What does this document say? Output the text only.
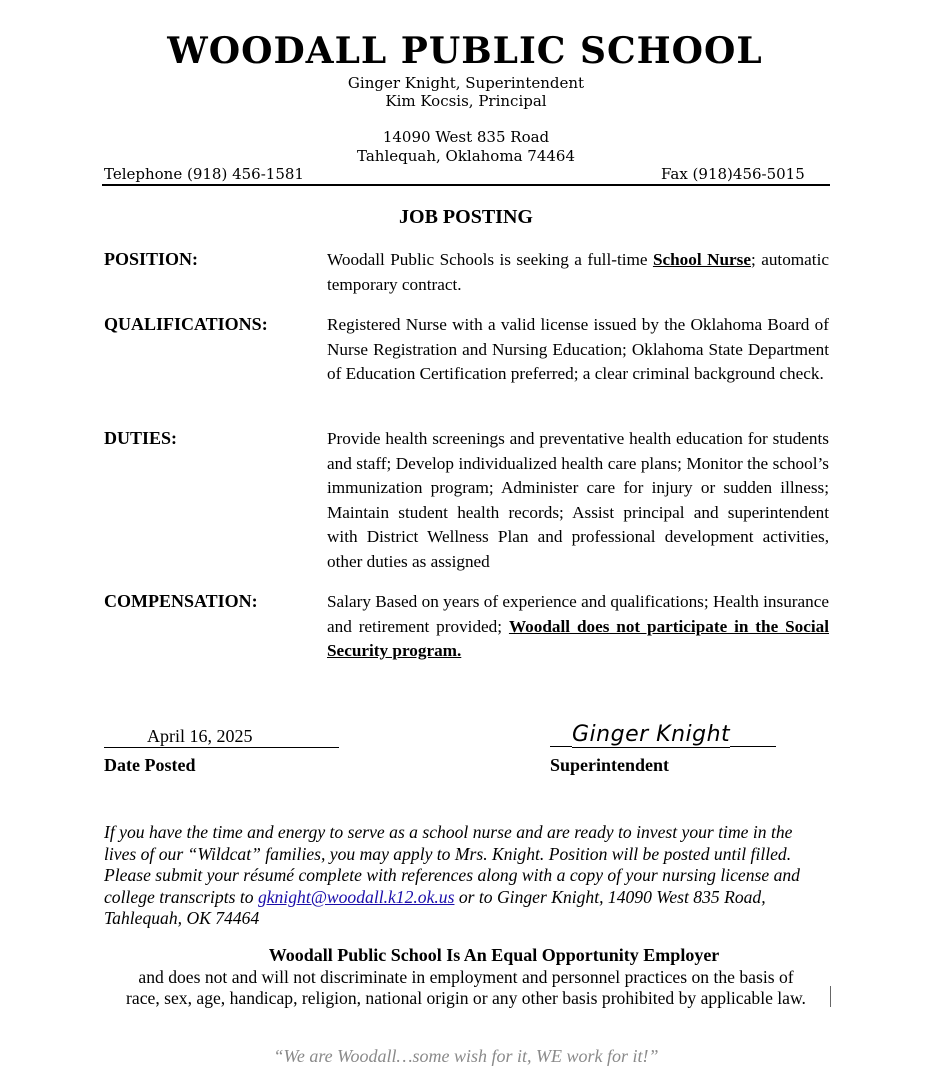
WOODALL PUBLIC SCHOOL
Ginger Knight, Superintendent
Kim Kocsis, Principal
14090 West 835 Road
Tahlequah, Oklahoma 74464
Telephone (918) 456-1581	Fax (918)456-5015
JOB POSTING
POSITION:	Woodall Public Schools is seeking a full-time School Nurse; automatic temporary contract.
QUALIFICATIONS:	Registered Nurse with a valid license issued by the Oklahoma Board of Nurse Registration and Nursing Education; Oklahoma State Department of Education Certification preferred; a clear criminal background check.
DUTIES:	Provide health screenings and preventative health education for students and staff; Develop individualized health care plans; Monitor the school’s immunization program; Administer care for injury or sudden illness; Maintain student health records; Assist principal and superintendent with District Wellness Plan and professional development activities, other duties as assigned
COMPENSATION:	Salary Based on years of experience and qualifications; Health insurance and retirement provided; Woodall does not participate in the Social Security program.
April 16, 2025
Date Posted
Ginger Knight
Superintendent
If you have the time and energy to serve as a school nurse and are ready to invest your time in the lives of our “Wildcat” families, you may apply to Mrs. Knight. Position will be posted until filled. Please submit your résumé complete with references along with a copy of your nursing license and college transcripts to gknight@woodall.k12.ok.us or to Ginger Knight, 14090 West 835 Road, Tahlequah, OK 74464
Woodall Public School Is An Equal Opportunity Employer
and does not and will not discriminate in employment and personnel practices on the basis of
race, sex, age, handicap, religion, national origin or any other basis prohibited by applicable law.
“We are Woodall…some wish for it, WE work for it!”
